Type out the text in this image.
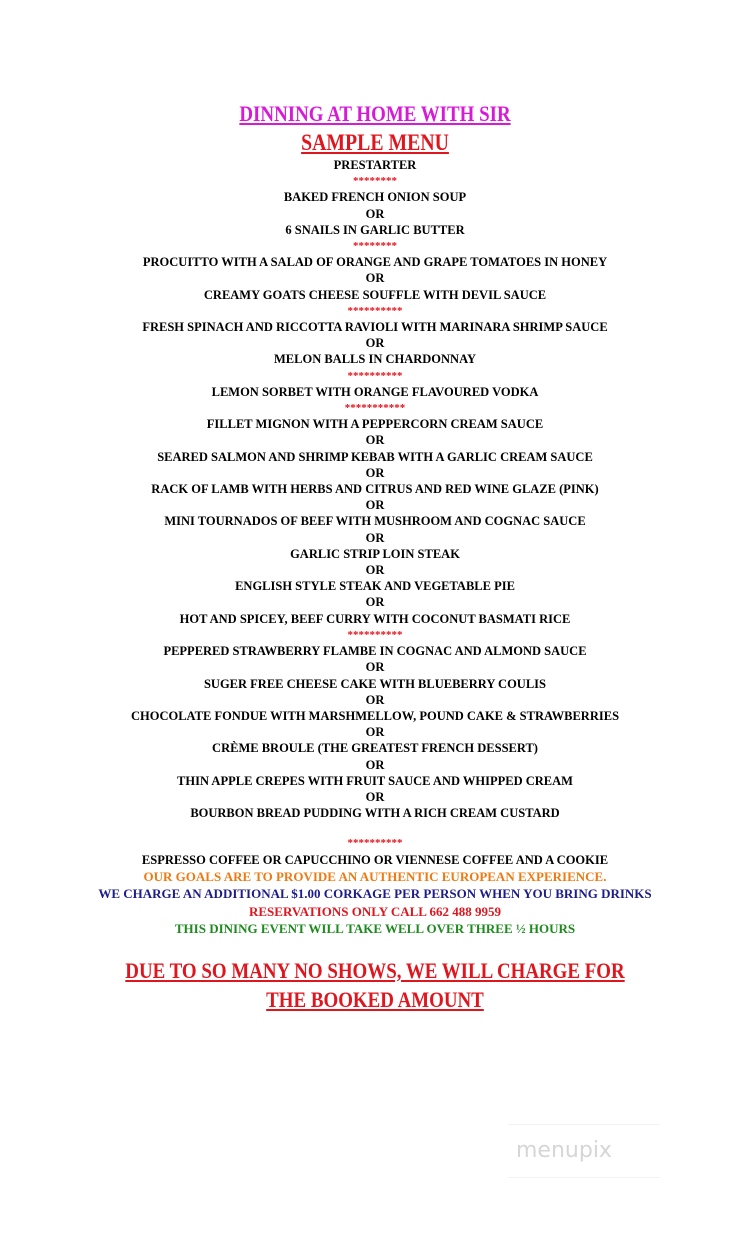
DINNING AT HOME WITH SIR
SAMPLE MENU
PRESTARTER
********
BAKED FRENCH ONION SOUP
OR
6 SNAILS IN GARLIC BUTTER
********
PROCUITTO WITH A SALAD OF ORANGE AND GRAPE TOMATOES IN HONEY
OR
CREAMY GOATS CHEESE SOUFFLE WITH DEVIL SAUCE
**********
FRESH SPINACH AND RICCOTTA RAVIOLI WITH MARINARA SHRIMP SAUCE
OR
MELON BALLS IN CHARDONNAY
**********
LEMON SORBET WITH ORANGE FLAVOURED VODKA
***********
FILLET MIGNON WITH A PEPPERCORN CREAM SAUCE
OR
SEARED SALMON AND SHRIMP KEBAB WITH A GARLIC CREAM SAUCE
OR
RACK OF LAMB WITH HERBS AND CITRUS AND RED WINE GLAZE (PINK)
OR
MINI TOURNADOS OF BEEF WITH MUSHROOM AND COGNAC SAUCE
OR
GARLIC STRIP LOIN STEAK
OR
ENGLISH STYLE STEAK AND VEGETABLE PIE
OR
HOT AND SPICEY, BEEF CURRY WITH COCONUT BASMATI RICE
**********
PEPPERED STRAWBERRY FLAMBE IN COGNAC AND ALMOND SAUCE
OR
SUGER FREE CHEESE CAKE WITH BLUEBERRY COULIS
OR
CHOCOLATE FONDUE WITH MARSHMELLOW, POUND CAKE & STRAWBERRIES
OR
CRÈME BROULE (THE GREATEST FRENCH DESSERT)
OR
THIN APPLE CREPES WITH FRUIT SAUCE AND WHIPPED CREAM
OR
BOURBON BREAD PUDDING WITH A RICH CREAM CUSTARD
**********
ESPRESSO COFFEE OR CAPUCCHINO OR VIENNESE COFFEE AND A COOKIE
OUR GOALS ARE TO PROVIDE AN AUTHENTIC EUROPEAN EXPERIENCE.
WE CHARGE AN ADDITIONAL $1.00 CORKAGE PER PERSON WHEN YOU BRING DRINKS
RESERVATIONS ONLY CALL 662 488 9959
THIS DINING EVENT WILL TAKE WELL OVER THREE ½ HOURS
DUE TO SO MANY NO SHOWS, WE WILL CHARGE FOR
THE BOOKED AMOUNT
menupix
